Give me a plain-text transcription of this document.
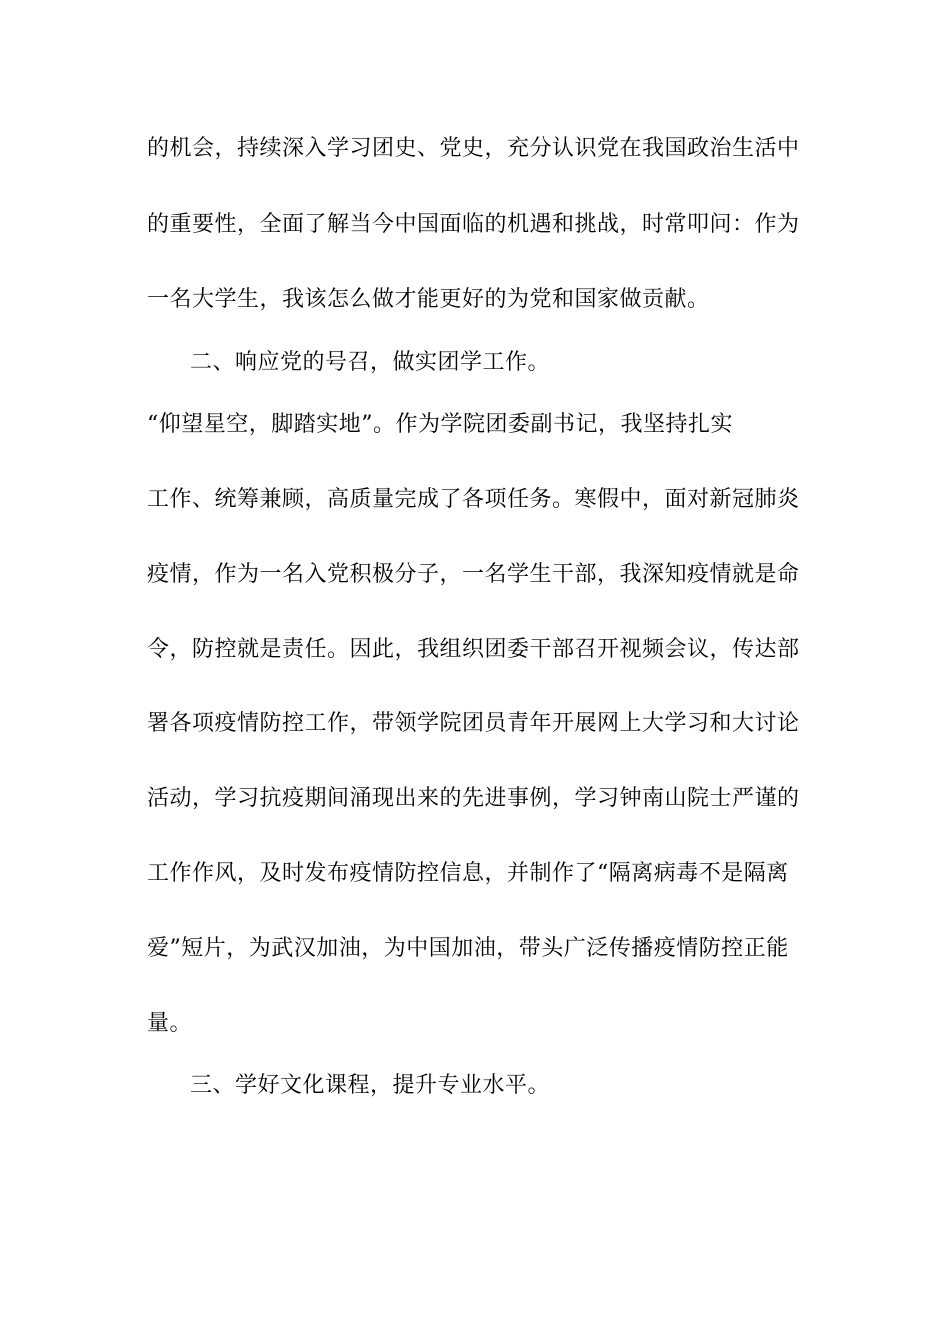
的机会，持续深入学习团史、党史，充分认识党在我国政治生活中
的重要性，全面了解当今中国面临的机遇和挑战，时常叩问：作为
一名大学生，我该怎么做才能更好的为党和国家做贡献。
二、响应党的号召，做实团学工作。
“仰望星空，脚踏实地”。作为学院团委副书记，我坚持扎实
工作、统筹兼顾，高质量完成了各项任务。寒假中，面对新冠肺炎
疫情，作为一名入党积极分子，一名学生干部，我深知疫情就是命
令，防控就是责任。因此，我组织团委干部召开视频会议，传达部
署各项疫情防控工作，带领学院团员青年开展网上大学习和大讨论
活动，学习抗疫期间涌现出来的先进事例，学习钟南山院士严谨的
工作作风，及时发布疫情防控信息，并制作了“隔离病毒不是隔离
爱”短片，为武汉加油，为中国加油，带头广泛传播疫情防控正能
量。
三、学好文化课程，提升专业水平。
